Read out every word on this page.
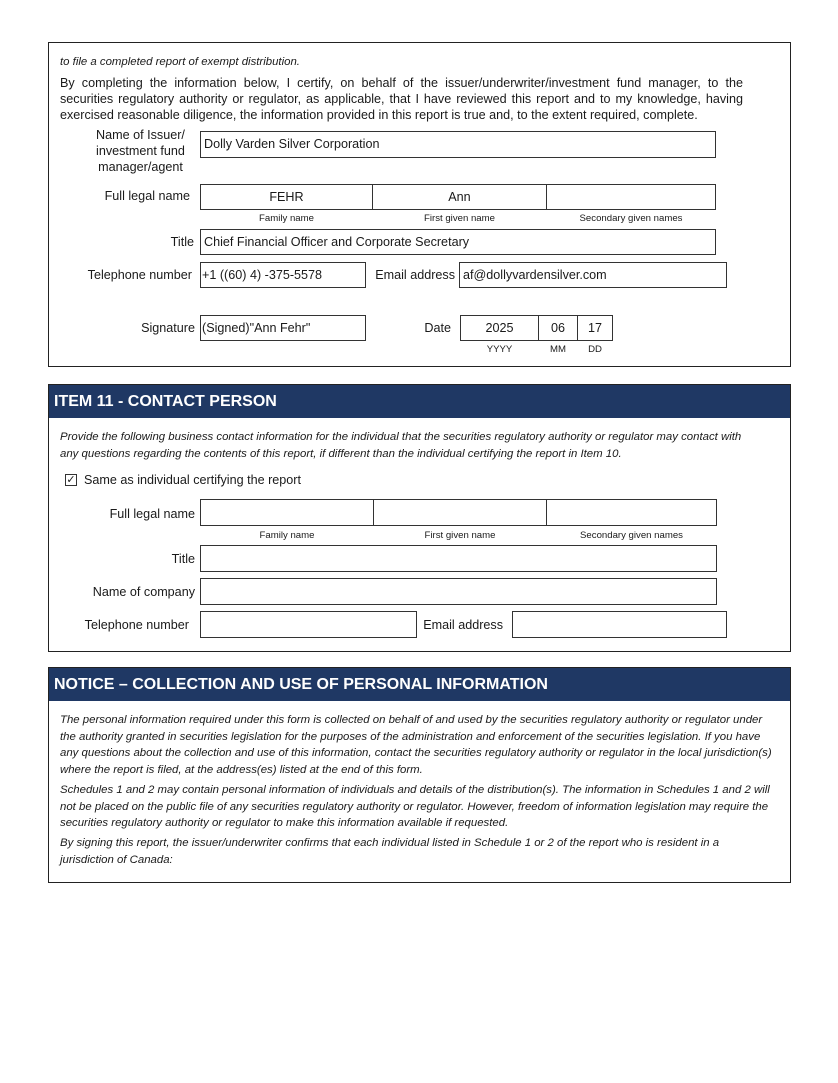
to file a completed report of exempt distribution.
By completing the information below, I certify, on behalf of the issuer/underwriter/investment fund manager, to the securities regulatory authority or regulator, as applicable, that I have reviewed this report and to my knowledge, having exercised reasonable diligence, the information provided in this report is true and, to the extent required, complete.
Name of Issuer/ investment fund manager/agent
Dolly Varden Silver Corporation
Full legal name	FEHR	Ann
Family name	First given name	Secondary given names
Title Chief Financial Officer and Corporate Secretary
Telephone number +1 ((60) 4) -375-5578	Email address af@dollyvardensilver.com
Signature (Signed)"Ann Fehr"	Date	2025	06	17
YYYY	MM	DD
ITEM 11 - CONTACT PERSON
Provide the following business contact information for the individual that the securities regulatory authority or regulator may contact with any questions regarding the contents of this report, if different than the individual certifying the report in Item 10.
✓ Same as individual certifying the report
Full legal name
Family name	First given name	Secondary given names
Title
Name of company
Telephone number	Email address
NOTICE – COLLECTION AND USE OF PERSONAL INFORMATION
The personal information required under this form is collected on behalf of and used by the securities regulatory authority or regulator under the authority granted in securities legislation for the purposes of the administration and enforcement of the securities legislation. If you have any questions about the collection and use of this information, contact the securities regulatory authority or regulator in the local jurisdiction(s) where the report is filed, at the address(es) listed at the end of this form.
Schedules 1 and 2 may contain personal information of individuals and details of the distribution(s). The information in Schedules 1 and 2 will not be placed on the public file of any securities regulatory authority or regulator. However, freedom of information legislation may require the securities regulatory authority or regulator to make this information available if requested.
By signing this report, the issuer/underwriter confirms that each individual listed in Schedule 1 or 2 of the report who is resident in a jurisdiction of Canada:
